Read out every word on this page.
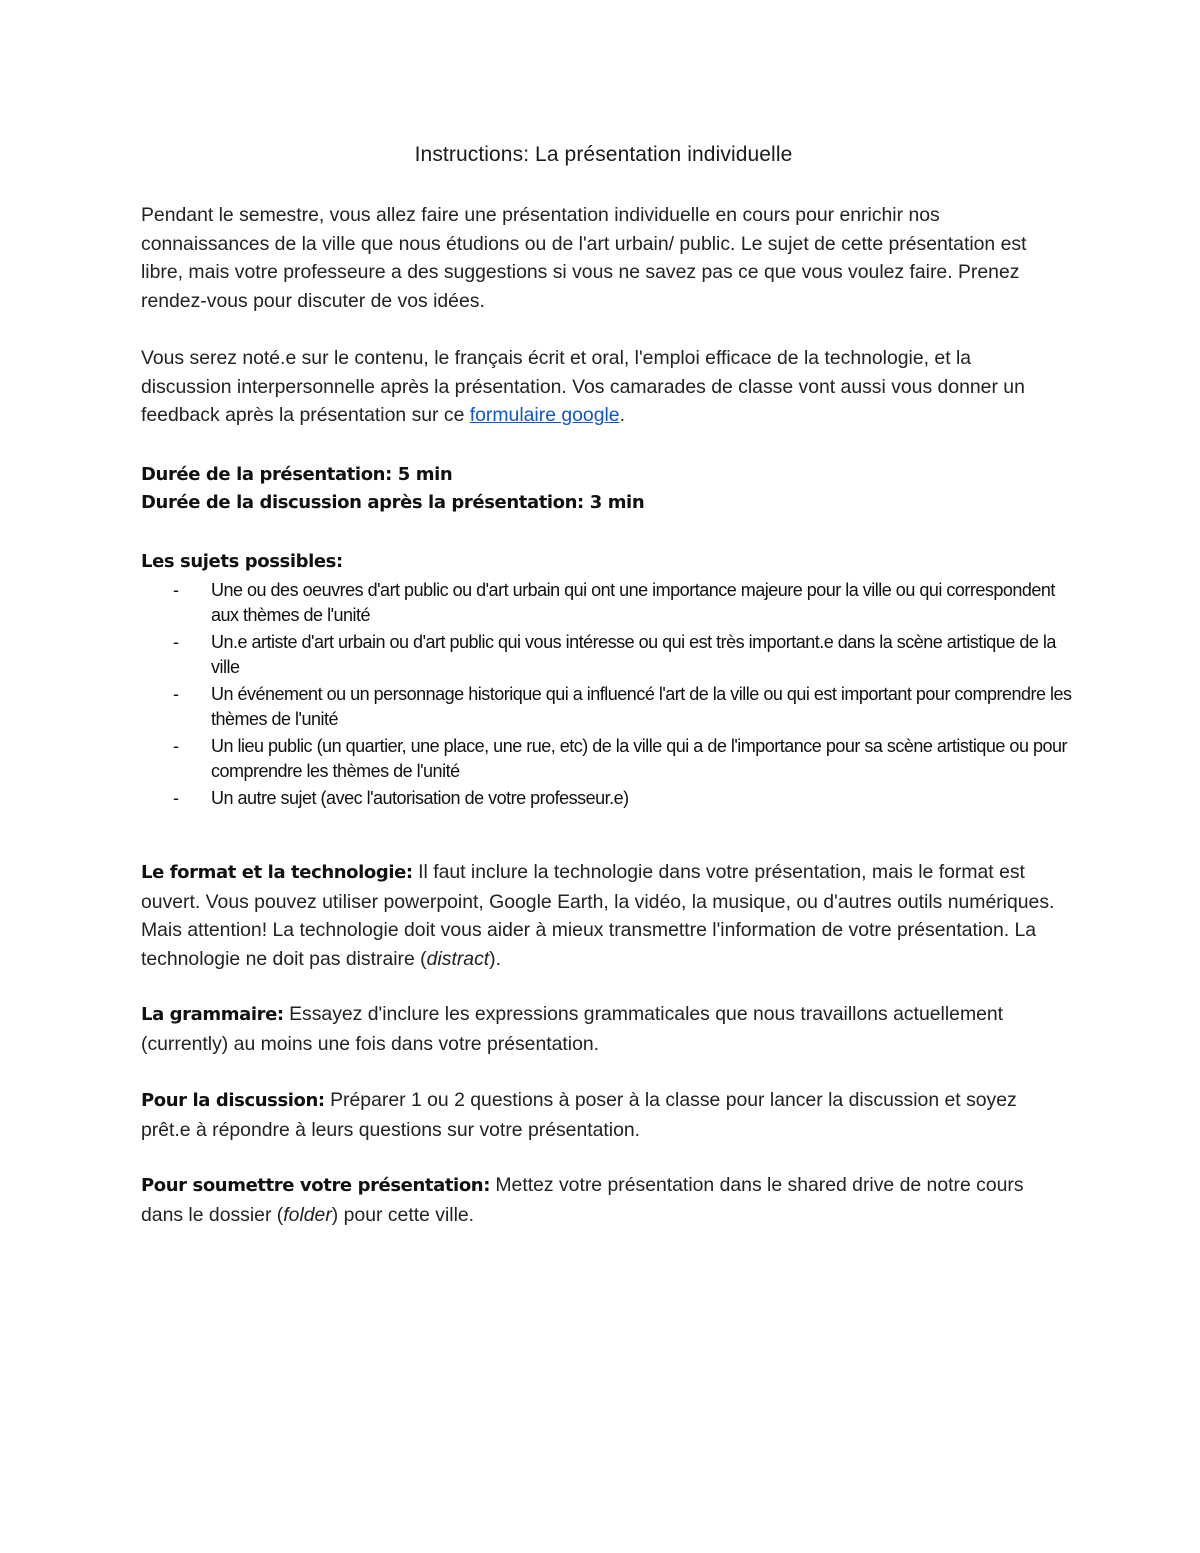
Instructions: La présentation individuelle

Pendant le semestre, vous allez faire une présentation individuelle en cours pour enrichir nos connaissances de la ville que nous étudions ou de l'art urbain/ public. Le sujet de cette présentation est libre, mais votre professeure a des suggestions si vous ne savez pas ce que vous voulez faire. Prenez rendez-vous pour discuter de vos idées.

Vous serez noté.e sur le contenu, le français écrit et oral, l'emploi efficace de la technologie, et la discussion interpersonnelle après la présentation. Vos camarades de classe vont aussi vous donner un feedback après la présentation sur ce formulaire google.

Durée de la présentation: 5 min

Durée de la discussion après la présentation: 3 min

Les sujets possibles:

- Une ou des oeuvres d'art public ou d'art urbain qui ont une importance majeure pour la ville ou qui correspondent aux thèmes de l'unité
- Un.e artiste d'art urbain ou d'art public qui vous intéresse ou qui est très important.e dans la scène artistique de la ville
- Un événement ou un personnage historique qui a influencé l'art de la ville ou qui est important pour comprendre les thèmes de l'unité
- Un lieu public (un quartier, une place, une rue, etc) de la ville qui a de l'importance pour sa scène artistique ou pour comprendre les thèmes de l'unité
- Un autre sujet (avec l'autorisation de votre professeur.e)

Le format et la technologie: Il faut inclure la technologie dans votre présentation, mais le format est ouvert. Vous pouvez utiliser powerpoint, Google Earth, la vidéo, la musique, ou d'autres outils numériques. Mais attention! La technologie doit vous aider à mieux transmettre l'information de votre présentation. La technologie ne doit pas distraire (distract).

La grammaire: Essayez d'inclure les expressions grammaticales que nous travaillons actuellement (currently) au moins une fois dans votre présentation.

Pour la discussion: Préparer 1 ou 2 questions à poser à la classe pour lancer la discussion et soyez prêt.e à répondre à leurs questions sur votre présentation.

Pour soumettre votre présentation: Mettez votre présentation dans le shared drive de notre cours dans le dossier (folder) pour cette ville.
